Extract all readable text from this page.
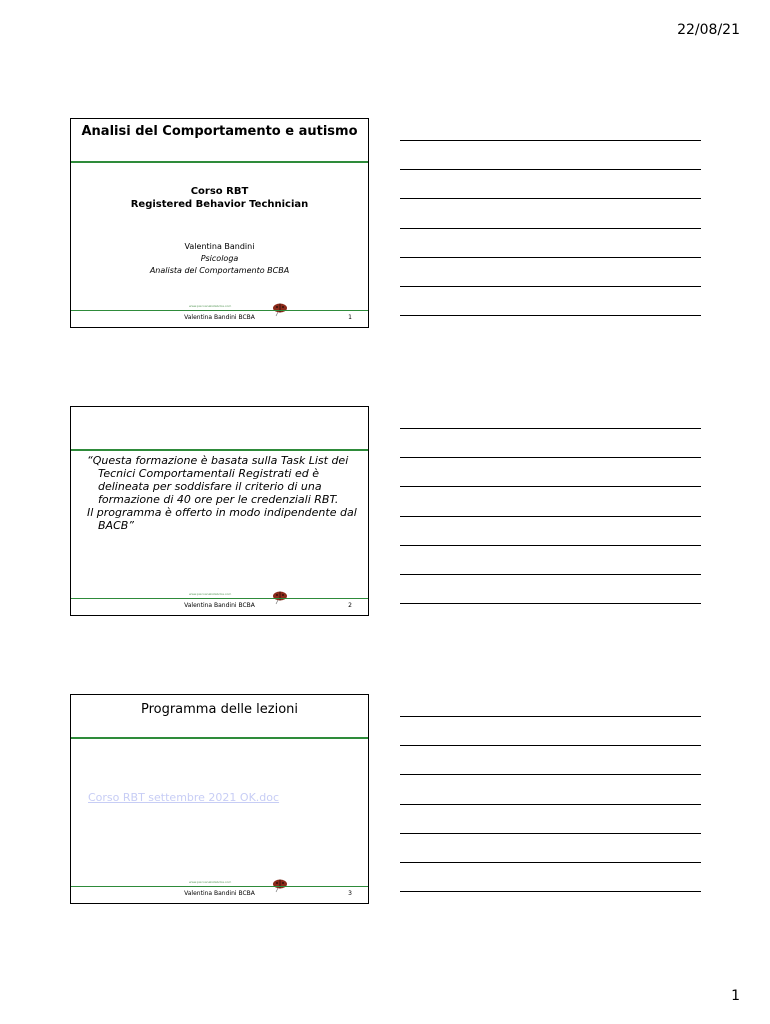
22/08/21
Analisi del Comportamento e autismo
Corso RBT
Registered Behavior Technician
Valentina Bandini
Psicologa
Analista del Comportamento BCBA
www.psicoanalistabcba.com
Valentina Bandini BCBA	1
“Questa formazione è basata sulla Task List dei Tecnici Comportamentali Registrati ed è delineata per soddisfare il criterio di una formazione di 40 ore per le credenziali RBT.
Il programma è offerto in modo indipendente dal BACB”
www.psicoanalistabcba.com
Valentina Bandini BCBA	2
Programma delle lezioni
Corso RBT settembre 2021 OK.doc
www.psicoanalistabcba.com
Valentina Bandini BCBA	3
1
